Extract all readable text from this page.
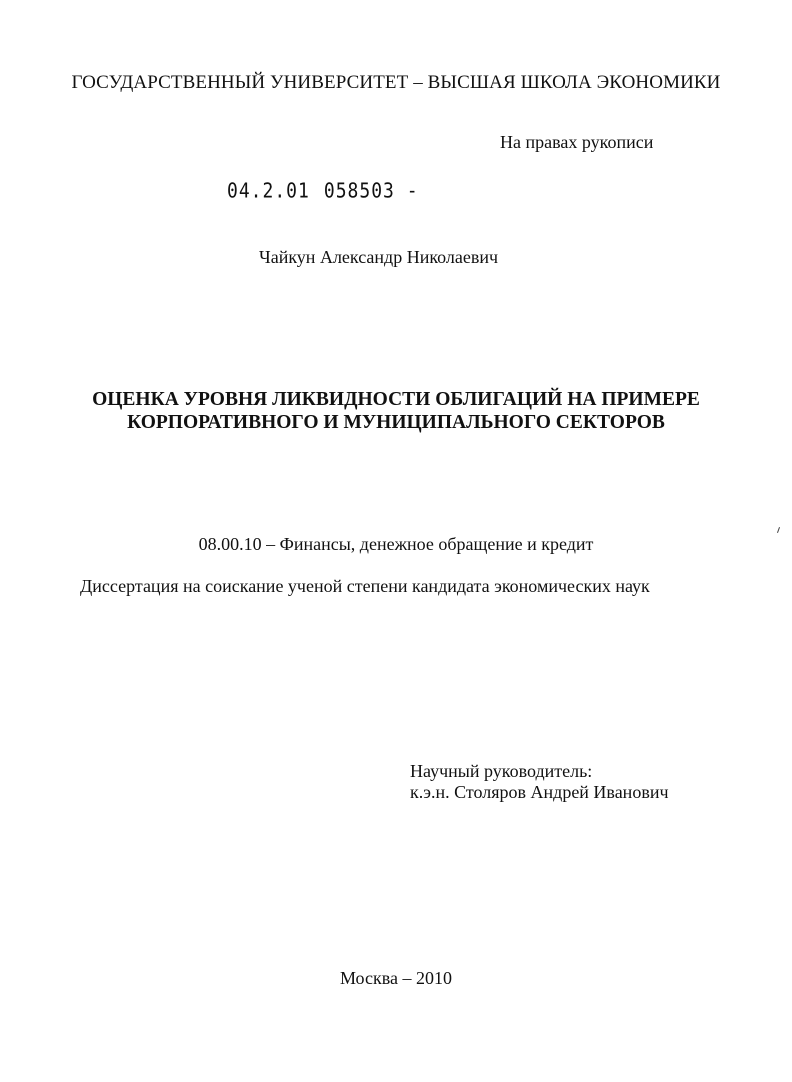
ГОСУДАРСТВЕННЫЙ УНИВЕРСИТЕТ – ВЫСШАЯ ШКОЛА ЭКОНОМИКИ
На правах рукописи
04.2.01 058503 -
Чайкун Александр Николаевич
ОЦЕНКА УРОВНЯ ЛИКВИДНОСТИ ОБЛИГАЦИЙ НА ПРИМЕРЕ
КОРПОРАТИВНОГО И МУНИЦИПАЛЬНОГО СЕКТОРОВ
08.00.10 – Финансы, денежное обращение и кредит
Диссертация на соискание ученой степени кандидата экономических наук
Научный руководитель:
к.э.н. Столяров Андрей Иванович
Москва – 2010
